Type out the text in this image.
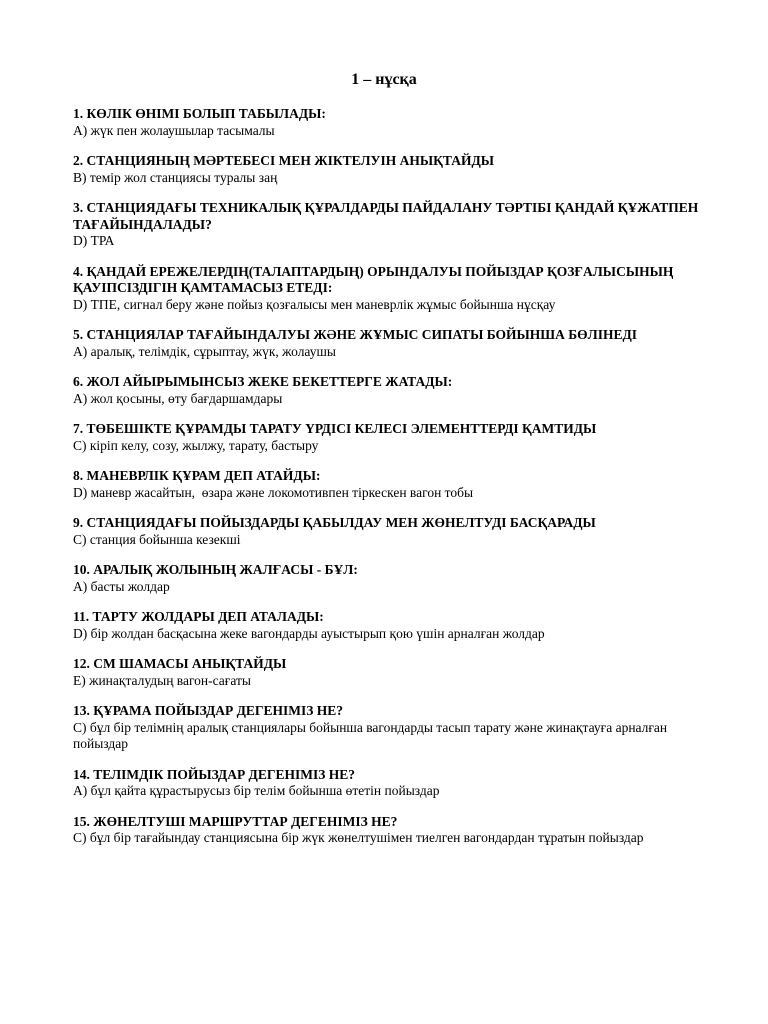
1 – нұсқа

1. КӨЛІК ӨНІМІ БОЛЫП ТАБЫЛАДЫ:

А) жүк пен жолаушылар тасымалы

2. СТАНЦИЯНЫҢ МӘРТЕБЕСІ МЕН ЖІКТЕЛУІН АНЫҚТАЙДЫ

B) темір жол станциясы туралы заң

3. СТАНЦИЯДАҒЫ ТЕХНИКАЛЫҚ ҚҰРАЛДАРДЫ ПАЙДАЛАНУ ТӘРТІБІ ҚАНДАЙ ҚҰЖАТПЕН ТАҒАЙЫНДАЛАДЫ?

D) ТРА

4. ҚАНДАЙ ЕРЕЖЕЛЕРДІҢ(ТАЛАПТАРДЫҢ) ОРЫНДАЛУЫ ПОЙЫЗДАР ҚОЗҒАЛЫСЫНЫҢ ҚАУІПСІЗДІГІН ҚАМТАМАСЫЗ ЕТЕДІ:

D) ТПЕ, сигнал беру және пойыз қозғалысы мен маневрлік жұмыс бойынша нұсқау

5. СТАНЦИЯЛАР ТАҒАЙЫНДАЛУЫ ЖӘНЕ ЖҰМЫС СИПАТЫ БОЙЫНША БӨЛІНЕДІ

А) аралық, телімдік, сұрыптау, жүк, жолаушы

6. ЖОЛ АЙЫРЫМЫНСЫЗ ЖЕКЕ БЕКЕТТЕРГЕ ЖАТАДЫ:

А) жол қосыны, өту бағдаршамдары

7. ТӨБЕШІКТЕ ҚҰРАМДЫ ТАРАТУ ҮРДІСІ КЕЛЕСІ ЭЛЕМЕНТТЕРДІ ҚАМТИДЫ

С) кіріп келу, созу, жылжу, тарату, бастыру

8. МАНЕВРЛІК ҚҰРАМ ДЕП АТАЙДЫ:

D) маневр жасайтын,  өзара және локомотивпен тіркескен вагон тобы

9. СТАНЦИЯДАҒЫ ПОЙЫЗДАРДЫ ҚАБЫЛДАУ МЕН ЖӨНЕЛТУДІ БАСҚАРАДЫ

С) станция бойынша кезекші

10. АРАЛЫҚ ЖОЛЫНЫҢ ЖАЛҒАСЫ - БҰЛ:

А) басты жолдар

11. ТАРТУ ЖОЛДАРЫ ДЕП АТАЛАДЫ:

D) бір жолдан басқасына жеке вагондарды ауыстырып қою үшін арналған жолдар

12. СМ ШАМАСЫ АНЫҚТАЙДЫ

Е) жинақталудың вагон-сағаты

13. ҚҰРАМА ПОЙЫЗДАР ДЕГЕНІМІЗ НЕ?

С) бұл бір телімнің аралық станциялары бойынша вагондарды тасып тарату және жинақтауға арналған пойыздар

14. ТЕЛІМДІК ПОЙЫЗДАР ДЕГЕНІМІЗ НЕ?

А) бұл қайта құрастырусыз бір телім бойынша өтетін пойыздар

15. ЖӨНЕЛТУШІ МАРШРУТТАР ДЕГЕНІМІЗ НЕ?

С) бұл бір тағайындау станциясына бір жүк жөнелтушімен тиелген вагондардан тұратын пойыздар
